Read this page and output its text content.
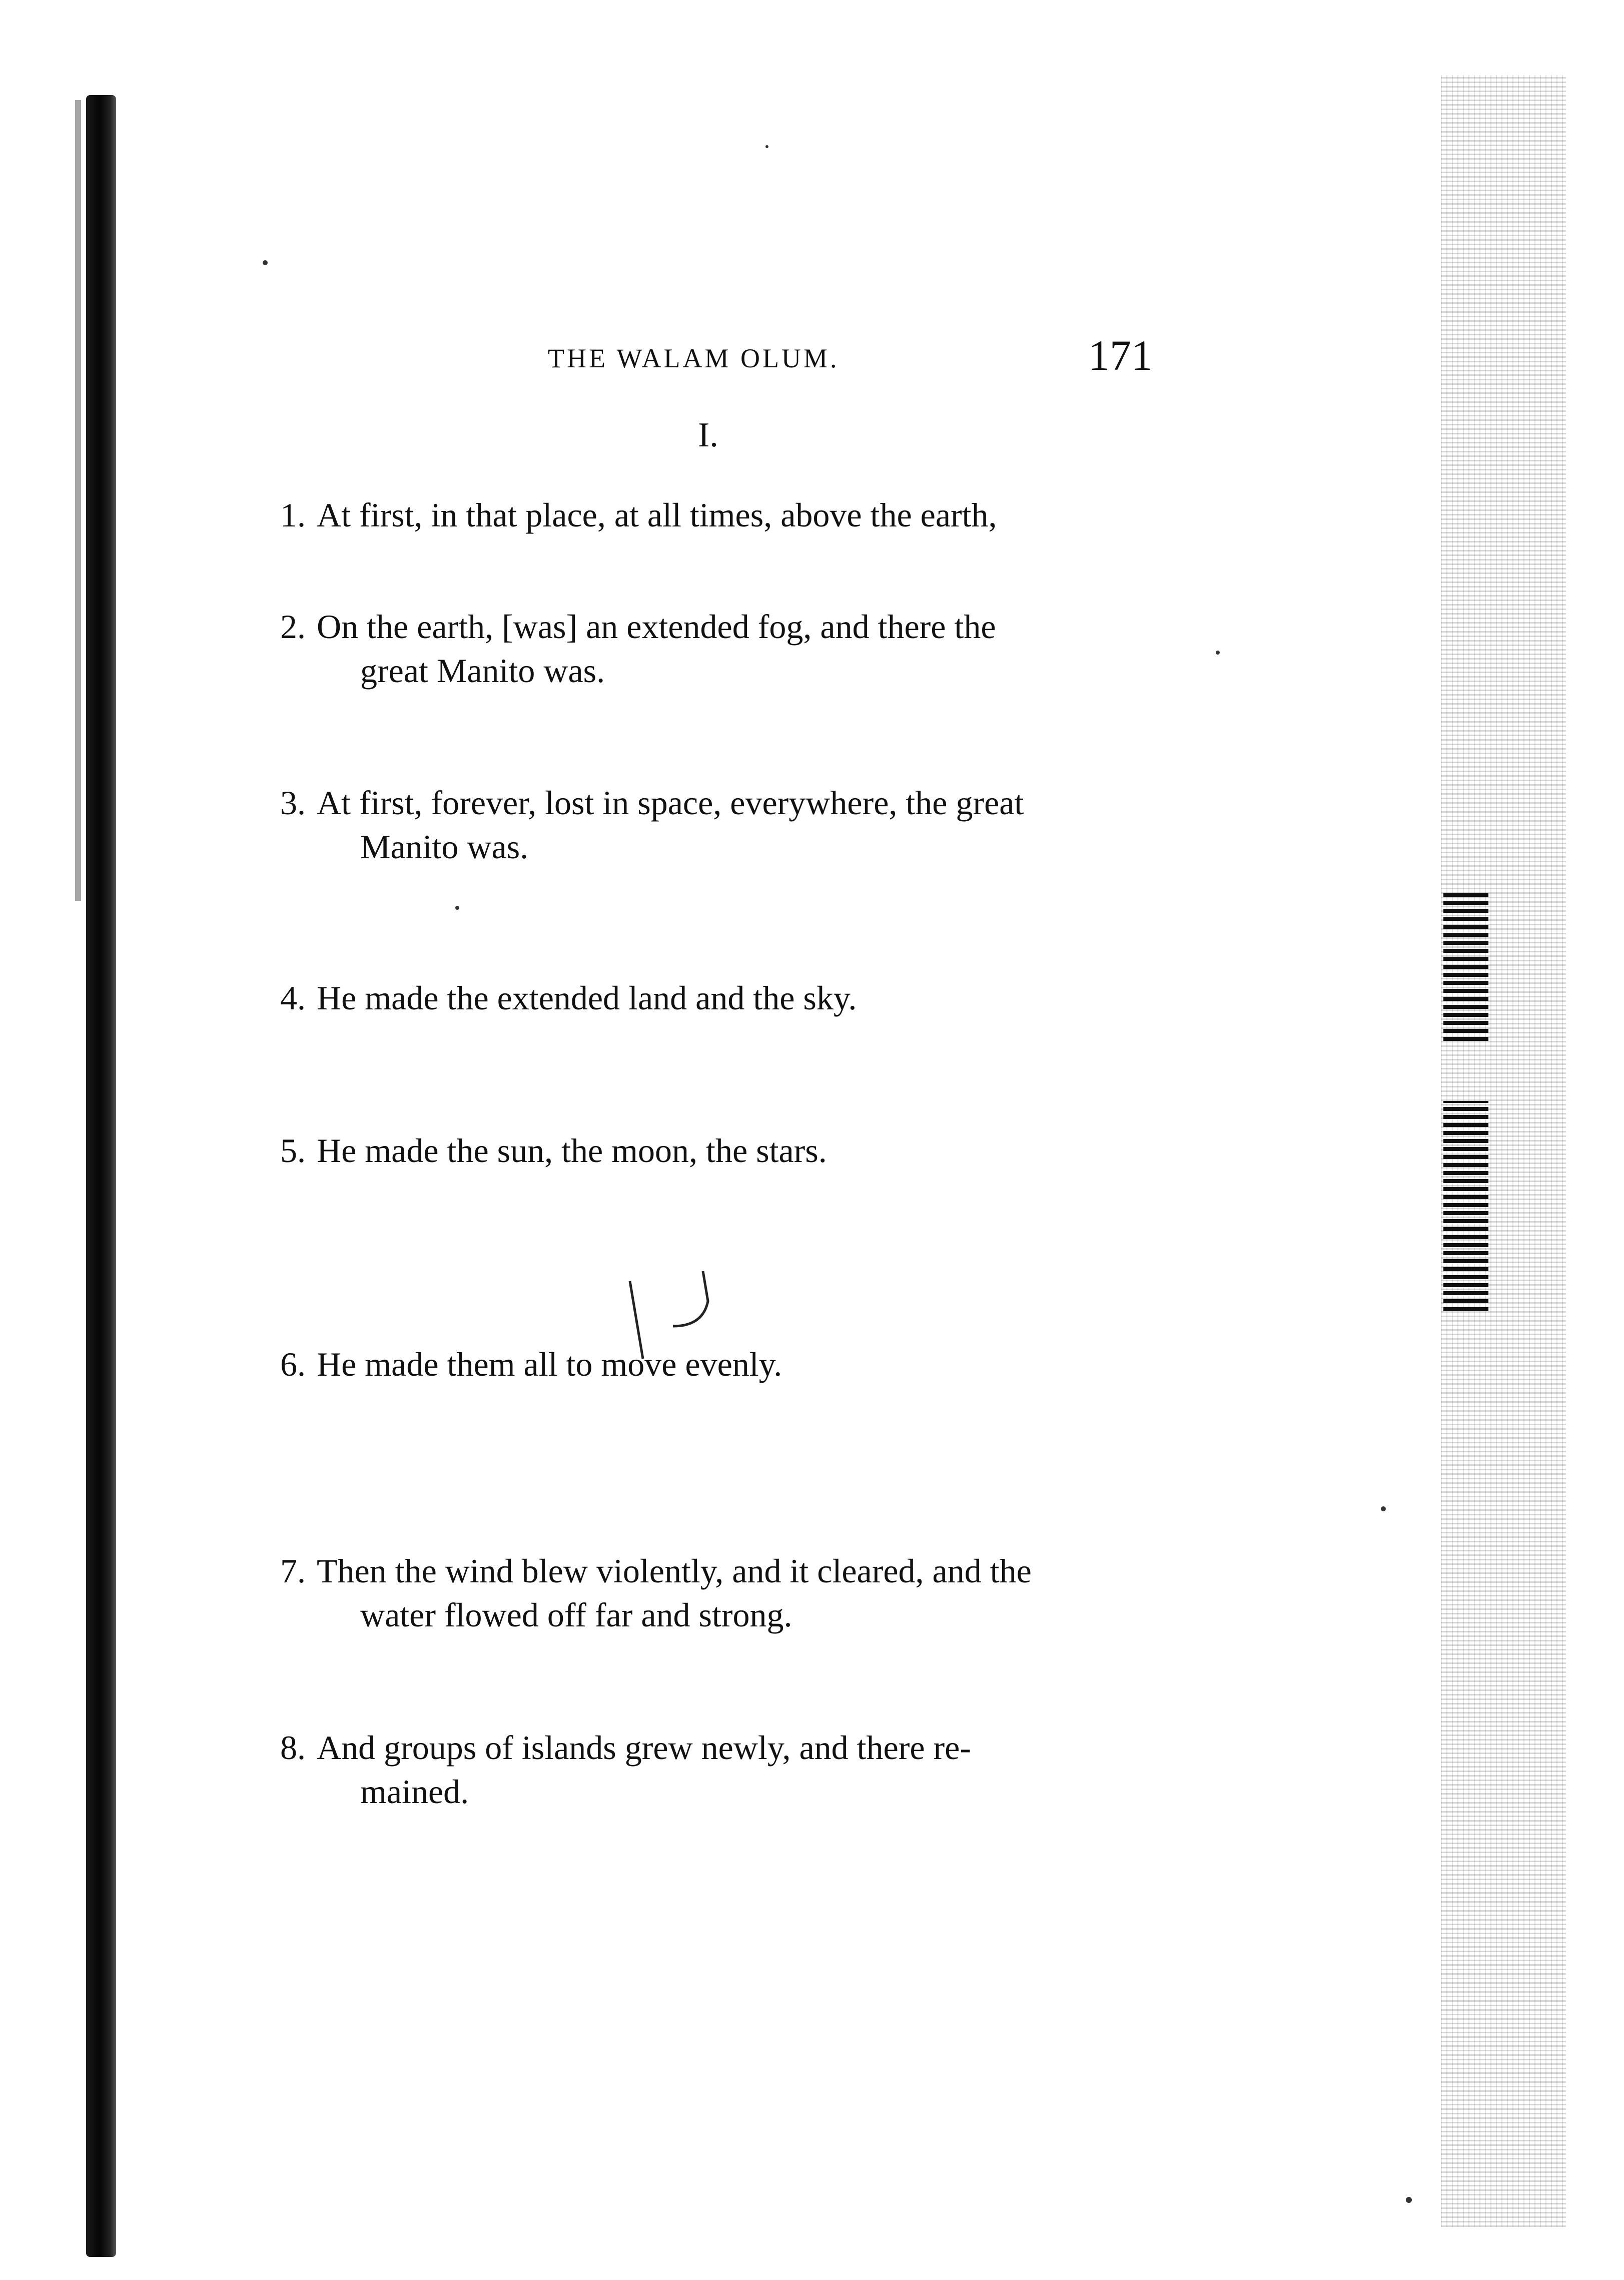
THE WALAM OLUM.	171
I.
1. At first, in that place, at all times, above the earth,
2. On the earth, [was] an extended fog, and there the
great Manito was.
3. At first, forever, lost in space, everywhere, the great
Manito was.
4. He made the extended land and the sky.
5. He made the sun, the moon, the stars.
6. He made them all to move evenly.
7. Then the wind blew violently, and it cleared, and the
water flowed off far and strong.
8. And groups of islands grew newly, and there re-
mained.
